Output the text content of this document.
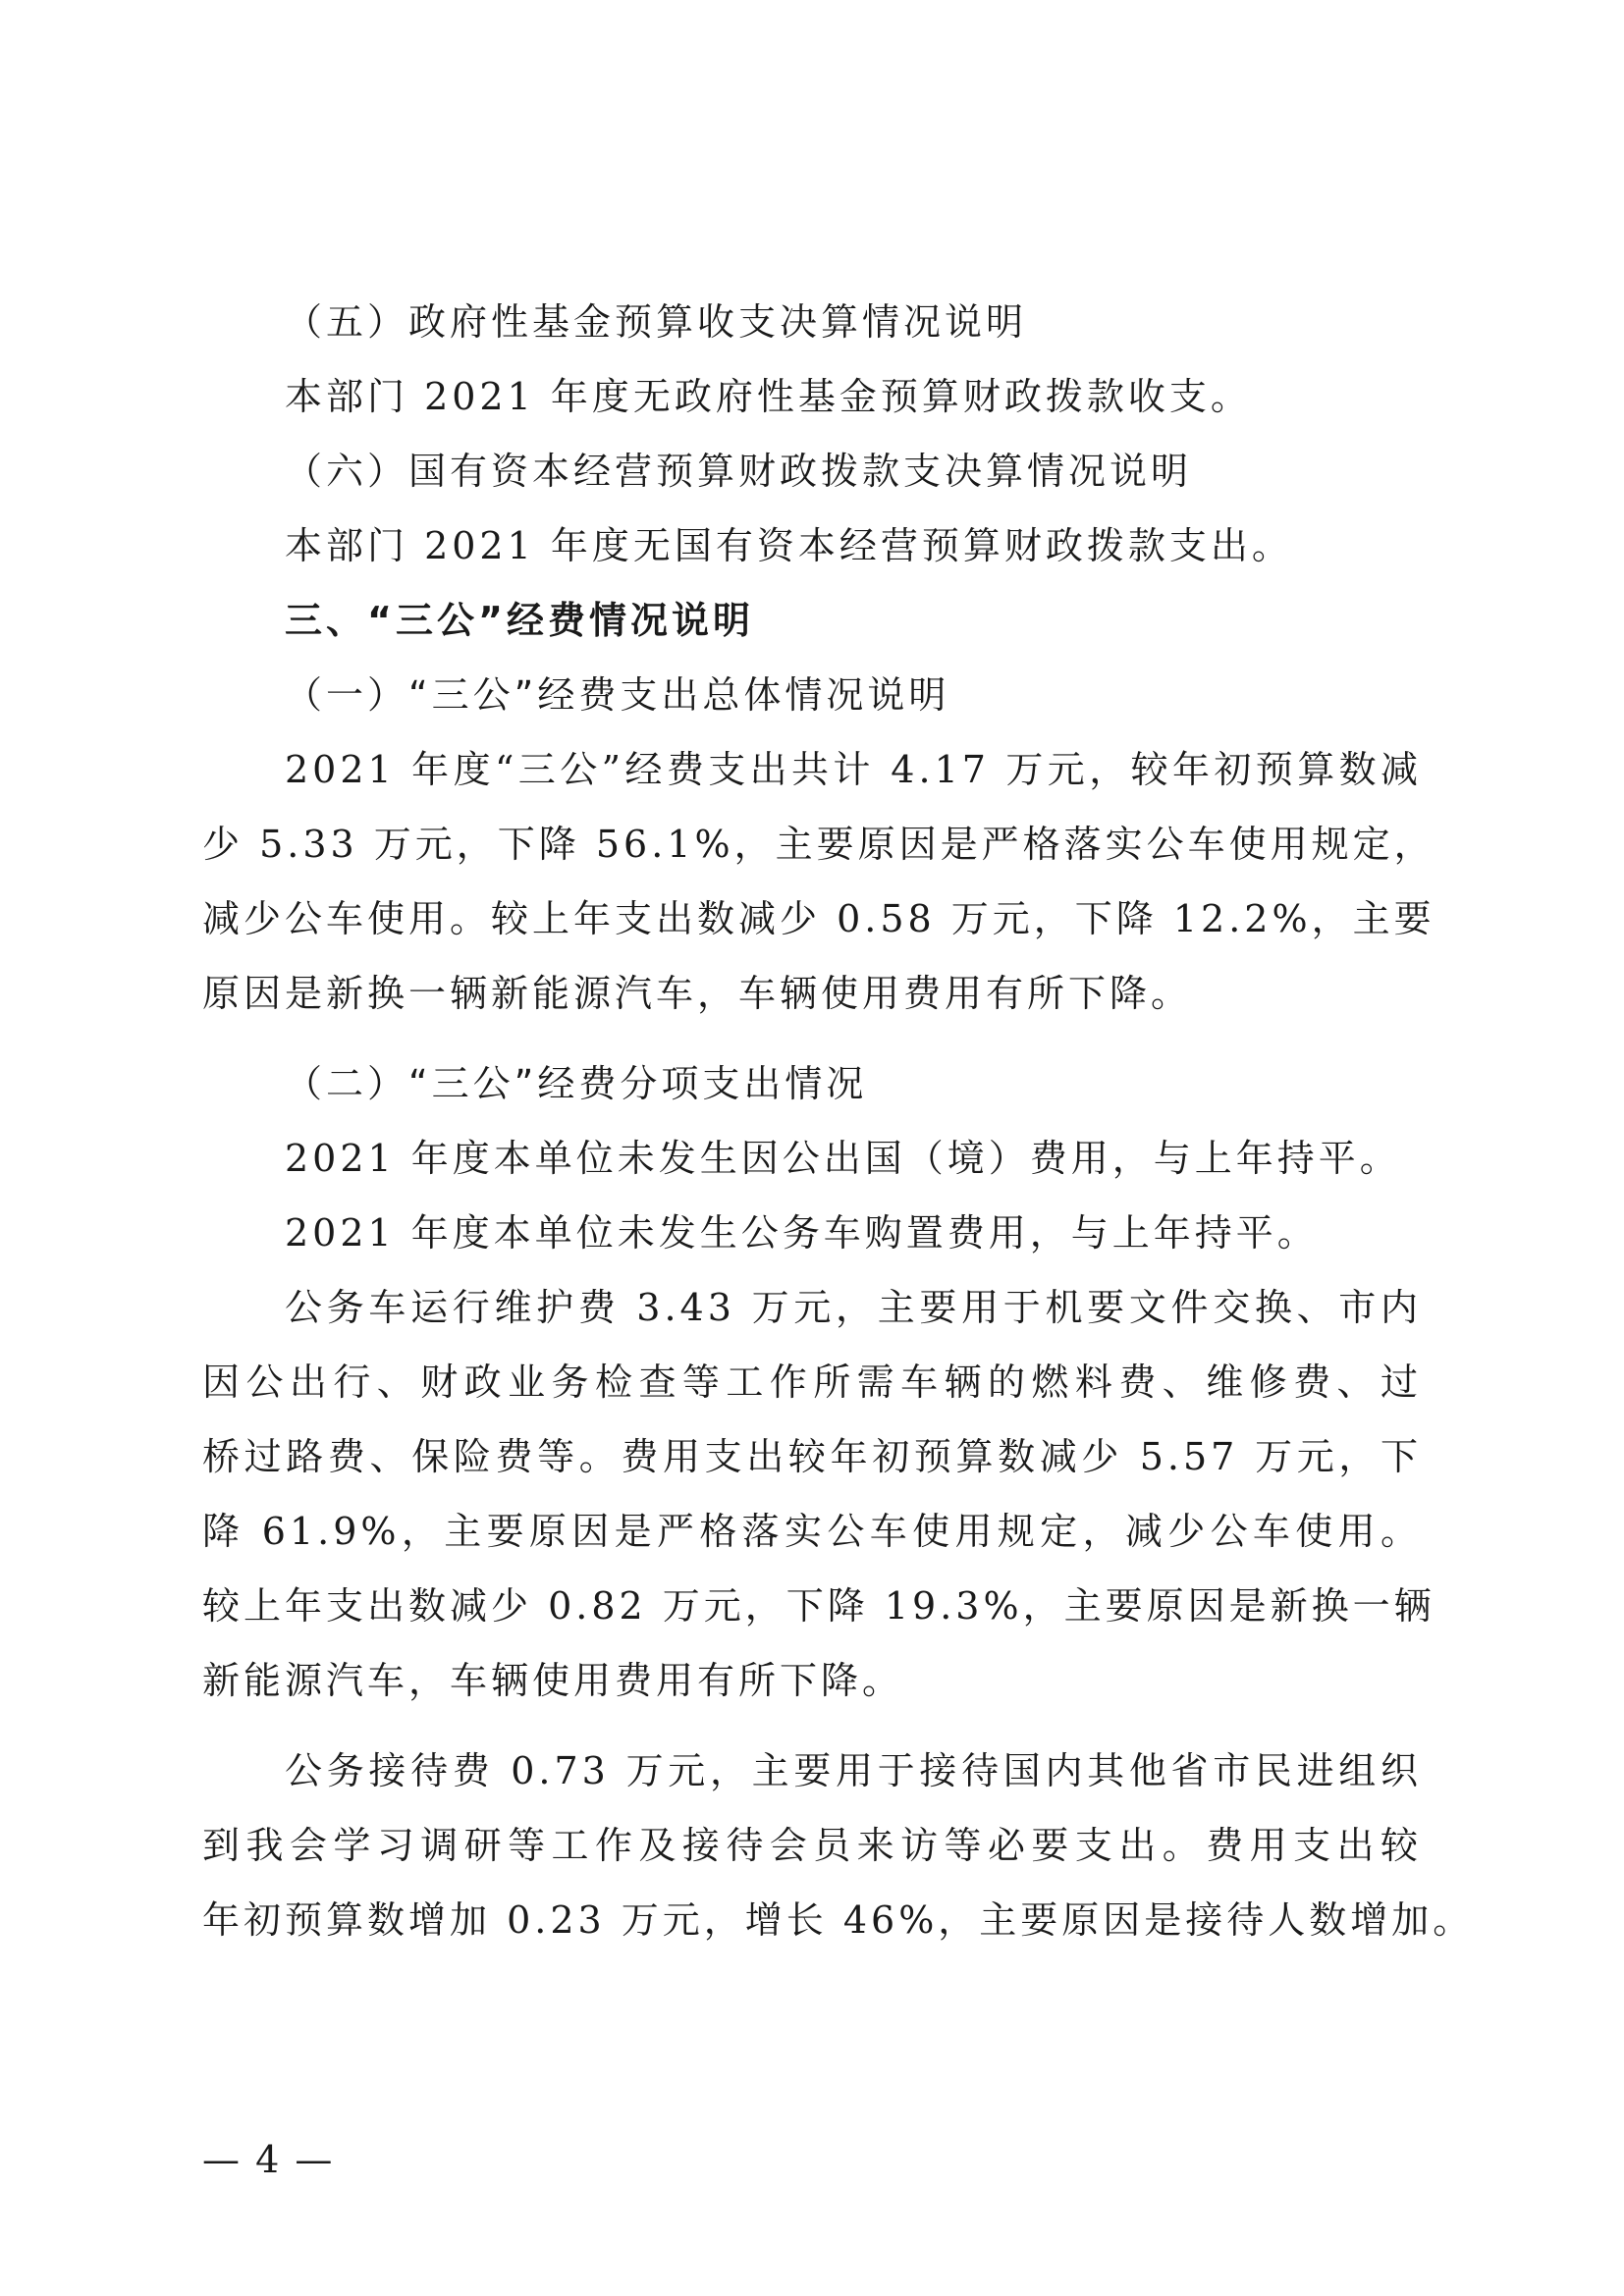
（五）政府性基金预算收支决算情况说明
本部门 2021 年度无政府性基金预算财政拨款收支。
（六）国有资本经营预算财政拨款支决算情况说明
本部门 2021 年度无国有资本经营预算财政拨款支出。
三、“三公”经费情况说明
（一）“三公”经费支出总体情况说明
2021 年度“三公”经费支出共计 4.17 万元，较年初预算数减
少 5.33 万元，下降 56.1%，主要原因是严格落实公车使用规定，
减少公车使用。较上年支出数减少 0.58 万元，下降 12.2%，主要
原因是新换一辆新能源汽车，车辆使用费用有所下降。
（二）“三公”经费分项支出情况
2021 年度本单位未发生因公出国（境）费用，与上年持平。
2021 年度本单位未发生公务车购置费用，与上年持平。
公务车运行维护费 3.43 万元，主要用于机要文件交换、市内
因公出行、财政业务检查等工作所需车辆的燃料费、维修费、过
桥过路费、保险费等。费用支出较年初预算数减少 5.57 万元，下
降 61.9%，主要原因是严格落实公车使用规定，减少公车使用。
较上年支出数减少 0.82 万元，下降 19.3%，主要原因是新换一辆
新能源汽车，车辆使用费用有所下降。
公务接待费 0.73 万元，主要用于接待国内其他省市民进组织
到我会学习调研等工作及接待会员来访等必要支出。费用支出较
年初预算数增加 0.23 万元，增长 46%，主要原因是接待人数增加。
— 4 —
